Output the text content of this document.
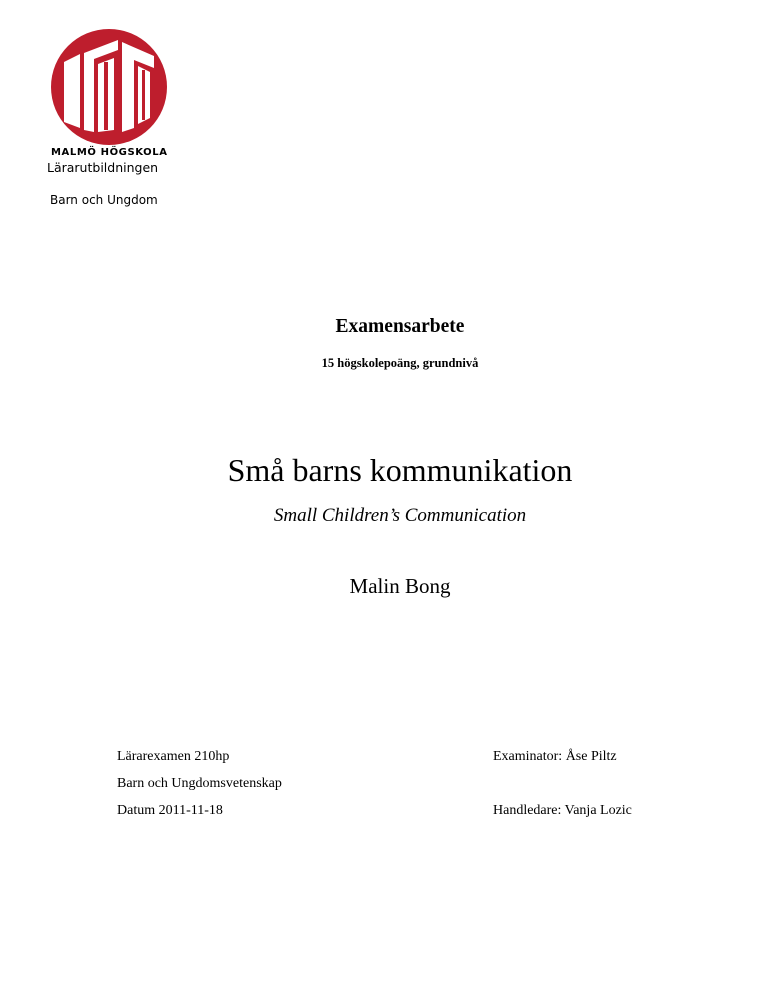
MALMÖ HÖGSKOLA
Lärarutbildningen
Barn och Ungdom
Examensarbete
15 högskolepoäng, grundnivå
Små barns kommunikation
Small Children’s Communication
Malin Bong
Lärarexamen 210hp
Barn och Ungdomsvetenskap
Datum 2011-11-18
Examinator: Åse Piltz
Handledare: Vanja Lozic
